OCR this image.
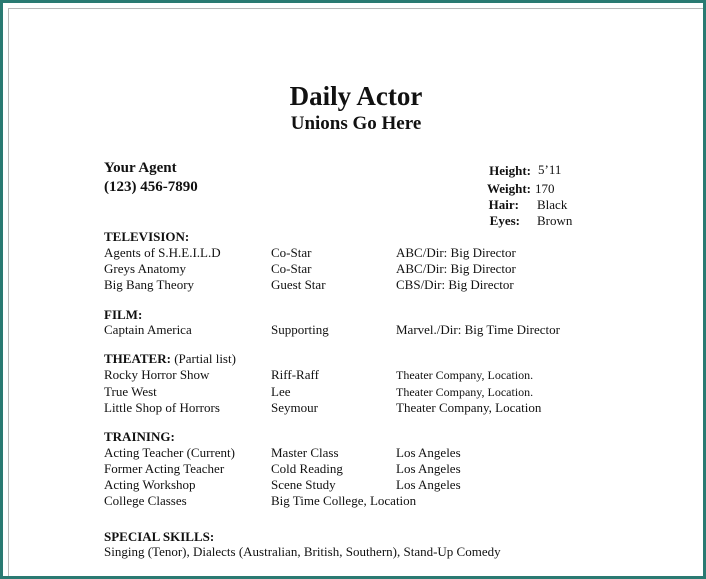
Daily Actor
Unions Go Here
Your Agent
(123) 456-7890
Height: 5’11
Weight: 170
Hair: Black
Eyes: Brown
TELEVISION:
Agents of S.H.E.I.L.D	Co-Star	ABC/Dir: Big Director
Greys Anatomy	Co-Star	ABC/Dir: Big Director
Big Bang Theory	Guest Star	CBS/Dir: Big Director
FILM:
Captain America	Supporting	Marvel./Dir: Big Time Director
THEATER: (Partial list)
Rocky Horror Show	Riff-Raff	Theater Company, Location.
True West	Lee	Theater Company, Location.
Little Shop of Horrors	Seymour	Theater Company, Location
TRAINING:
Acting Teacher (Current)	Master Class	Los Angeles
Former Acting Teacher	Cold Reading	Los Angeles
Acting Workshop	Scene Study	Los Angeles
College Classes	Big Time College, Location
SPECIAL SKILLS:
Singing (Tenor), Dialects (Australian, British, Southern), Stand-Up Comedy
